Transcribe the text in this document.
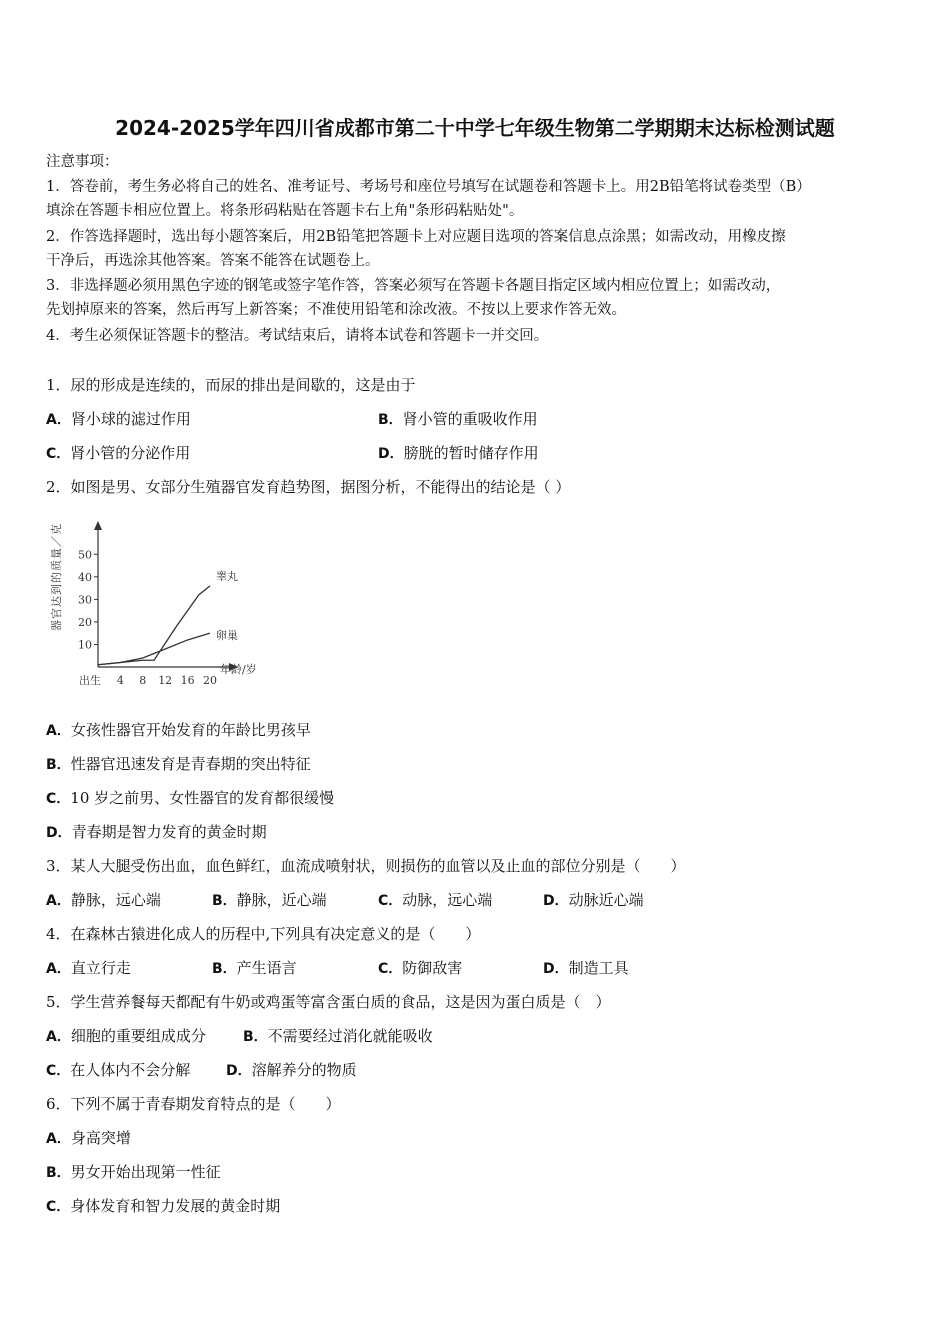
2024-2025学年四川省成都市第二十中学七年级生物第二学期期末达标检测试题
注意事项：
1．答卷前，考生务必将自己的姓名、准考证号、考场号和座位号填写在试题卷和答题卡上。用2B铅笔将试卷类型（B）
填涂在答题卡相应位置上。将条形码粘贴在答题卡右上角"条形码粘贴处"。
2．作答选择题时，选出每小题答案后，用2B铅笔把答题卡上对应题目选项的答案信息点涂黑；如需改动，用橡皮擦
干净后，再选涂其他答案。答案不能答在试题卷上。
3．非选择题必须用黑色字迹的钢笔或签字笔作答，答案必须写在答题卡各题目指定区域内相应位置上；如需改动，
先划掉原来的答案，然后再写上新答案；不准使用铅笔和涂改液。不按以上要求作答无效。
4．考生必须保证答题卡的整洁。考试结束后，请将本试卷和答题卡一并交回。
1．尿的形成是连续的，而尿的排出是间歇的，这是由于
A．肾小球的滤过作用	B．肾小管的重吸收作用
C．肾小管的分泌作用	D．膀胱的暂时储存作用
2．如图是男、女部分生殖器官发育趋势图，据图分析，不能得出的结论是（ ）
10
20
30
40
50
出生 4 8 12 16 20
年龄/岁
器官达到的质量／克	睾丸
卵巢
A．女孩性器官开始发育的年龄比男孩早
B．性器官迅速发育是青春期的突出特征
C．10 岁之前男、女性器官的发育都很缓慢
D．青春期是智力发育的黄金时期
3．某人大腿受伤出血，血色鲜红，血流成喷射状，则损伤的血管以及止血的部位分别是（　　）
A．静脉，远心端	B．静脉，近心端	C．动脉，远心端	D．动脉近心端
4．在森林古猿进化成人的历程中,下列具有决定意义的是（　　）
A．直立行走	B．产生语言	C．防御敌害	D．制造工具
5．学生营养餐每天都配有牛奶或鸡蛋等富含蛋白质的食品，这是因为蛋白质是（　）
A．细胞的重要组成成分	B．不需要经过消化就能吸收
C．在人体内不会分解	D．溶解养分的物质
6．下列不属于青春期发育特点的是（　　）
A．身高突增
B．男女开始出现第一性征
C．身体发育和智力发展的黄金时期
